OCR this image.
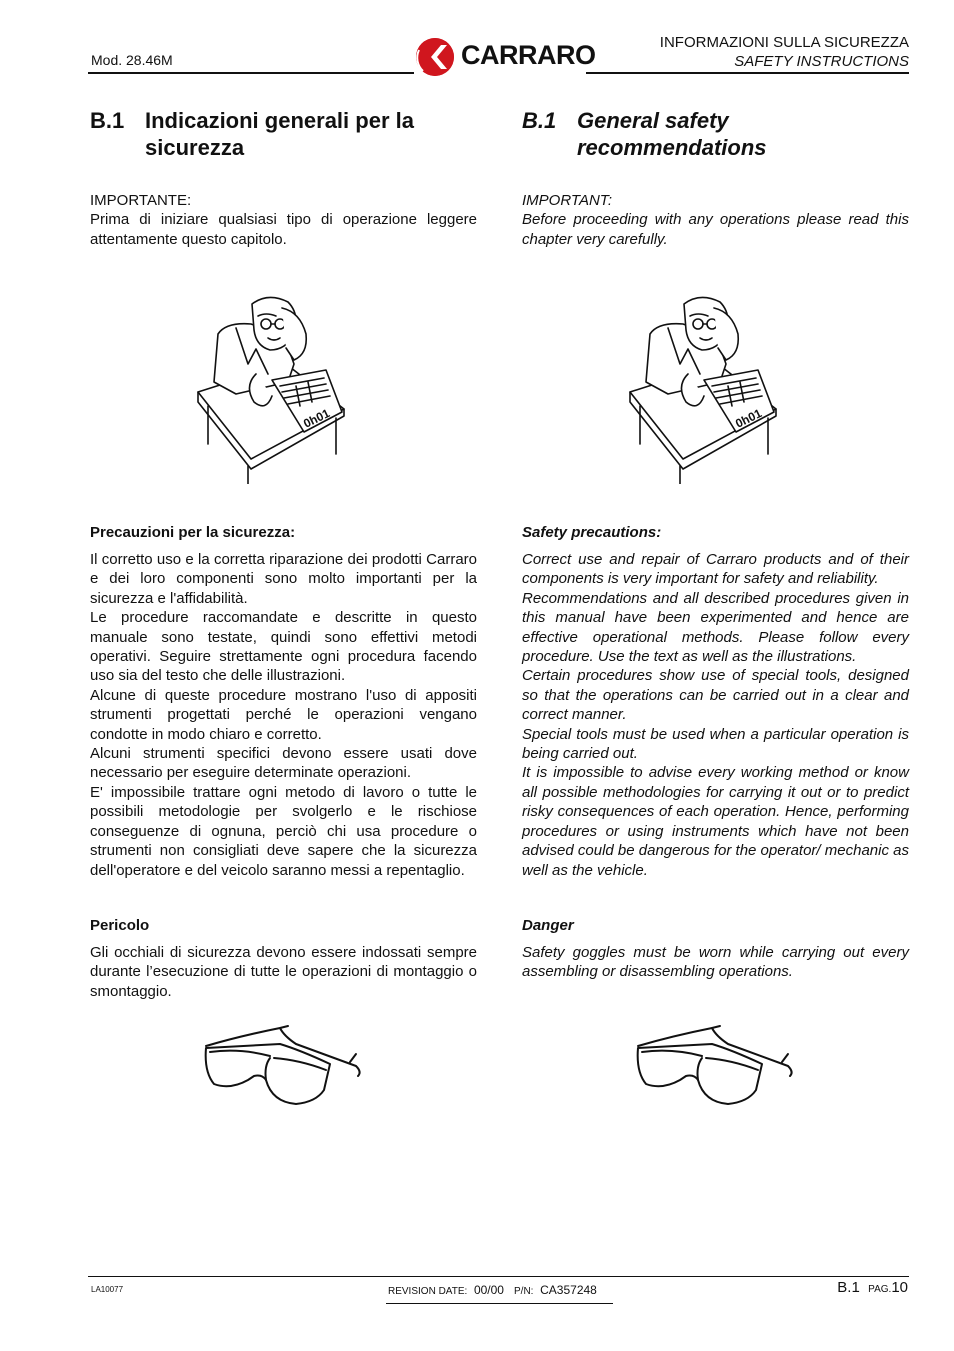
Mod. 28.46M	CARRARO	INFORMAZIONI SULLA SICUREZZA
SAFETY INSTRUCTIONS
B.1 Indicazioni generali per la sicurezza
IMPORTANTE:
Prima di iniziare qualsiasi tipo di operazione leggere attentamente questo capitolo.
Precauzioni per la sicurezza:

Il corretto uso e la corretta riparazione dei prodotti Carraro e dei loro componenti sono molto importanti per la sicurezza e l'affidabilità.

Le procedure raccomandate e descritte in questo manuale sono testate, quindi sono effettivi metodi operativi. Seguire strettamente ogni procedura facendo uso sia del testo che delle illustrazioni.

Alcune di queste procedure mostrano l'uso di appositi strumenti progettati perché le operazioni vengano condotte in modo chiaro e corretto.

Alcuni strumenti specifici devono essere usati dove necessario per eseguire determinate operazioni.

E' impossibile trattare ogni metodo di lavoro o tutte le possibili metodologie per svolgerlo e le rischiose conseguenze di ognuna, perciò chi usa procedure o strumenti non consigliati deve sapere che la sicurezza dell'operatore e del veicolo saranno messi a repentaglio.

Pericolo

Gli occhiali di sicurezza devono essere indossati sempre durante l’esecuzione di tutte le operazioni di montaggio o smontaggio.

B.1 General safety recommendations
IMPORTANT:
Before proceeding with any operations please read this chapter very carefully.
Safety precautions:

Correct use and repair of Carraro products and of their components is very important for safety and reliability.

Recommendations and all described procedures given in this manual have been experimented and hence are effective operational methods. Please follow every procedure. Use the text as well as the illustrations.

Certain procedures show use of special tools, designed so that the operations can be carried out in a clear and correct manner.

Special tools must be used when a particular operation is being carried out.

It is impossible to advise every working method or know all possible methodologies for carrying it out or to predict risky consequences of each operation. Hence, performing procedures or using instruments which have not been advised could be dangerous for the operator/ mechanic as well as the vehicle.

Danger

Safety goggles must be worn while carrying out every assembling or disassembling operations.

0h01	0h01
LA10077	REVISION DATE: 00/00 P/N: CA357248	B.1 PAG.10
